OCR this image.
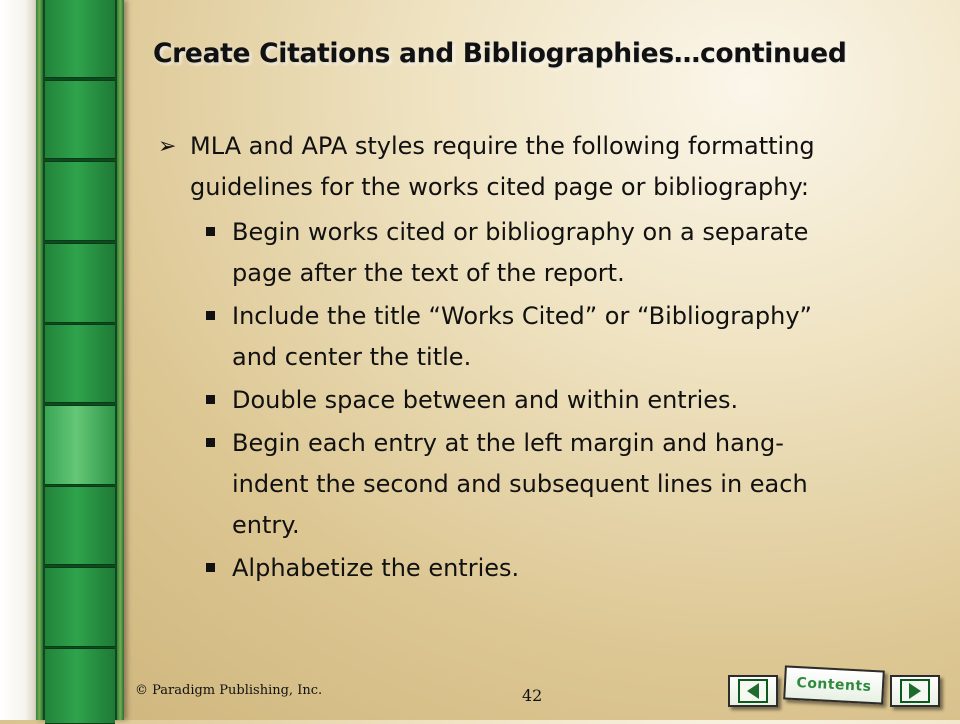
Create Citations and Bibliographies…continued
➢ MLA and APA styles require the following formatting
guidelines for the works cited page or bibliography:
Begin works cited or bibliography on a separate
page after the text of the report.
Include the title “Works Cited” or “Bibliography”
and center the title.
Double space between and within entries.
Begin each entry at the left margin and hang-
indent the second and subsequent lines in each
entry.
Alphabetize the entries.
© Paradigm Publishing, Inc.	42
Contents
